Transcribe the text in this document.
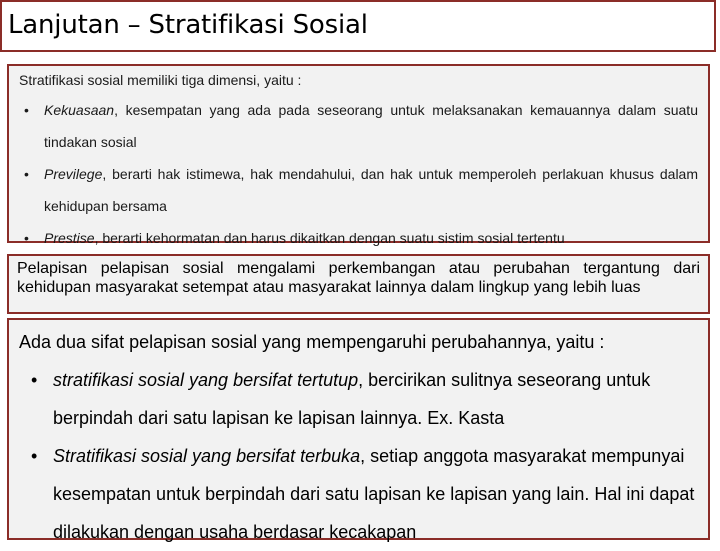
Lanjutan – Stratifikasi Sosial

Stratifikasi sosial memiliki tiga dimensi, yaitu :

• Kekuasaan, kesempatan yang ada pada seseorang untuk melaksanakan kemauannya dalam suatu tindakan sosial
• Previlege, berarti hak istimewa, hak mendahului, dan hak untuk memperoleh perlakuan khusus dalam kehidupan bersama
• Prestise, berarti kehormatan dan harus dikaitkan dengan suatu sistim sosial tertentu
Pelapisan pelapisan sosial mengalami perkembangan atau perubahan tergantung dari kehidupan masyarakat setempat atau masyarakat lainnya dalam lingkup yang lebih luas

Ada dua sifat pelapisan sosial yang mempengaruhi perubahannya, yaitu :

• stratifikasi sosial yang bersifat tertutup, bercirikan sulitnya seseorang untuk berpindah dari satu lapisan ke lapisan lainnya. Ex. Kasta
• Stratifikasi sosial yang bersifat terbuka, setiap anggota masyarakat mempunyai kesempatan untuk berpindah dari satu lapisan ke lapisan yang lain. Hal ini dapat dilakukan dengan usaha berdasar kecakapan
